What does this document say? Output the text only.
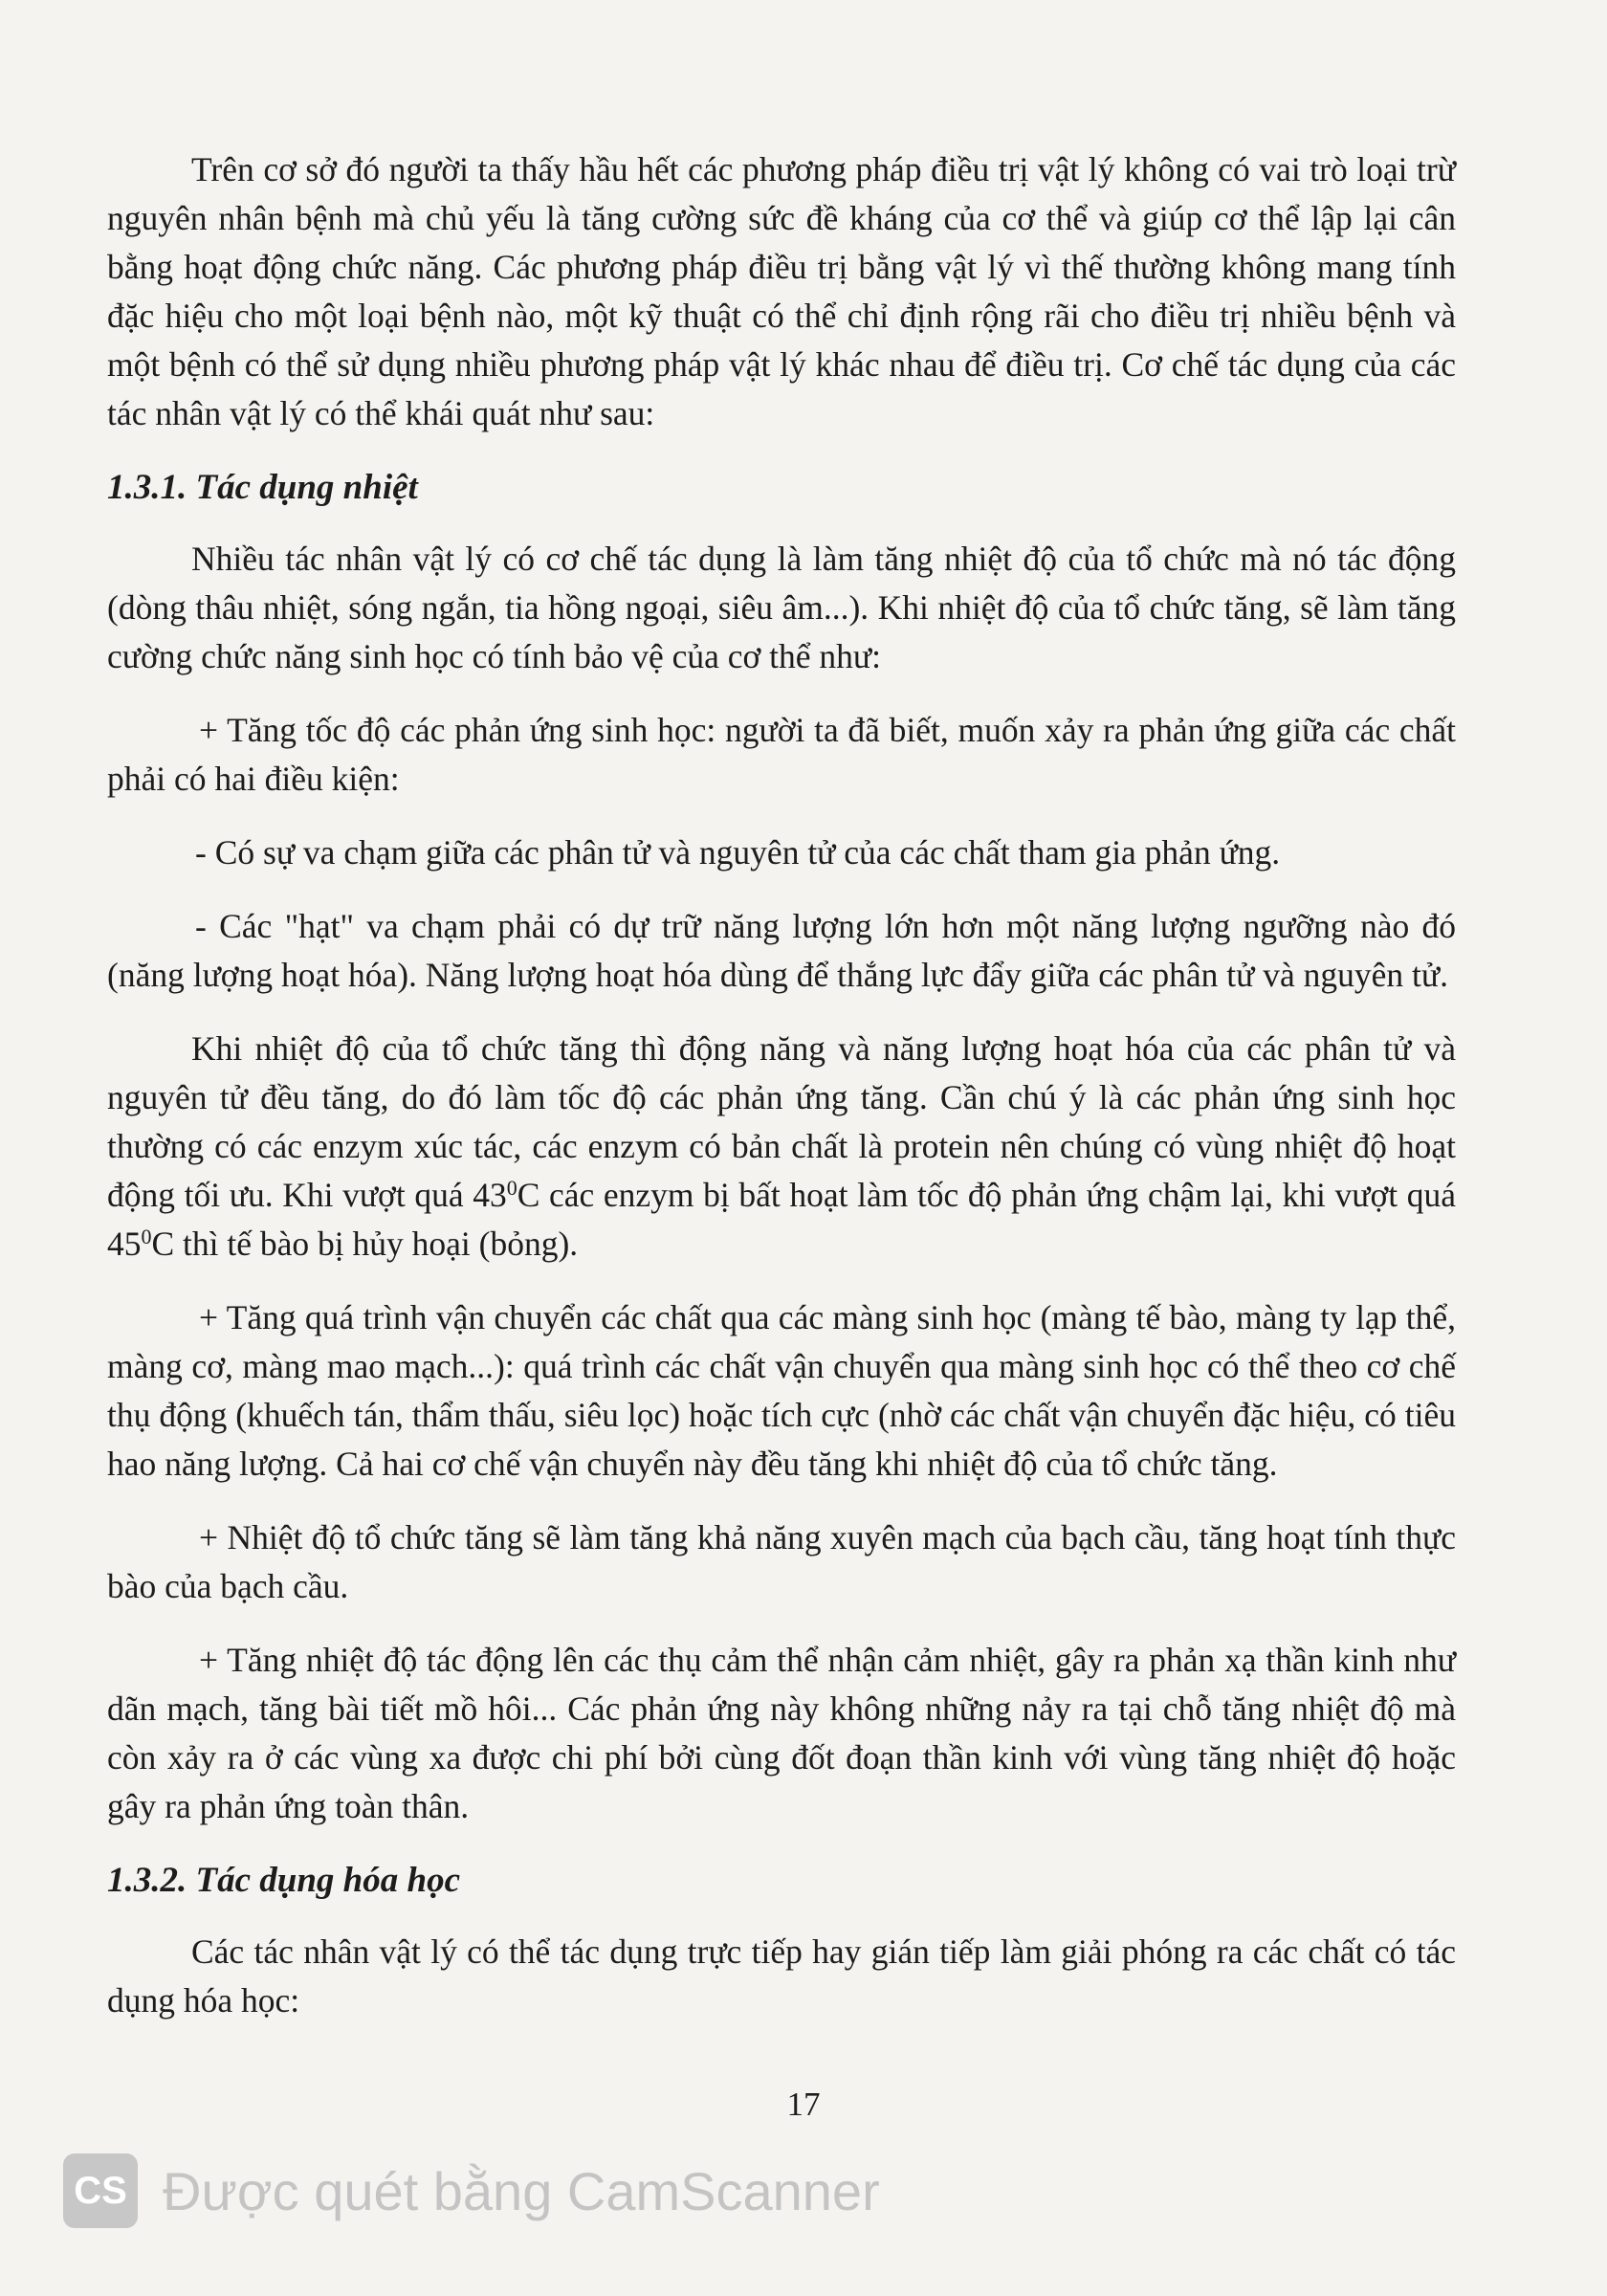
Trên cơ sở đó người ta thấy hầu hết các phương pháp điều trị vật lý không có vai trò loại trừ nguyên nhân bệnh mà chủ yếu là tăng cường sức đề kháng của cơ thể và giúp cơ thể lập lại cân bằng hoạt động chức năng. Các phương pháp điều trị bằng vật lý vì thế thường không mang tính đặc hiệu cho một loại bệnh nào, một kỹ thuật có thể chỉ định rộng rãi cho điều trị nhiều bệnh và một bệnh có thể sử dụng nhiều phương pháp vật lý khác nhau để điều trị. Cơ chế tác dụng của các tác nhân vật lý có thể khái quát như sau:

1.3.1. Tác dụng nhiệt

Nhiều tác nhân vật lý có cơ chế tác dụng là làm tăng nhiệt độ của tổ chức mà nó tác động (dòng thâu nhiệt, sóng ngắn, tia hồng ngoại, siêu âm...). Khi nhiệt độ của tổ chức tăng, sẽ làm tăng cường chức năng sinh học có tính bảo vệ của cơ thể như:

+ Tăng tốc độ các phản ứng sinh học: người ta đã biết, muốn xảy ra phản ứng giữa các chất phải có hai điều kiện:

- Có sự va chạm giữa các phân tử và nguyên tử của các chất tham gia phản ứng.

- Các "hạt" va chạm phải có dự trữ năng lượng lớn hơn một năng lượng ngưỡng nào đó (năng lượng hoạt hóa). Năng lượng hoạt hóa dùng để thắng lực đẩy giữa các phân tử và nguyên tử.

Khi nhiệt độ của tổ chức tăng thì động năng và năng lượng hoạt hóa của các phân tử và nguyên tử đều tăng, do đó làm tốc độ các phản ứng tăng. Cần chú ý là các phản ứng sinh học thường có các enzym xúc tác, các enzym có bản chất là protein nên chúng có vùng nhiệt độ hoạt động tối ưu. Khi vượt quá $43^0C$ các enzym bị bất hoạt làm tốc độ phản ứng chậm lại, khi vượt quá $45^0C$ thì tế bào bị hủy hoại (bỏng).

+ Tăng quá trình vận chuyển các chất qua các màng sinh học (màng tế bào, màng ty lạp thể, màng cơ, màng mao mạch...): quá trình các chất vận chuyển qua màng sinh học có thể theo cơ chế thụ động (khuếch tán, thẩm thấu, siêu lọc) hoặc tích cực (nhờ các chất vận chuyển đặc hiệu, có tiêu hao năng lượng. Cả hai cơ chế vận chuyển này đều tăng khi nhiệt độ của tổ chức tăng.

+ Nhiệt độ tổ chức tăng sẽ làm tăng khả năng xuyên mạch của bạch cầu, tăng hoạt tính thực bào của bạch cầu.

+ Tăng nhiệt độ tác động lên các thụ cảm thể nhận cảm nhiệt, gây ra phản xạ thần kinh như dãn mạch, tăng bài tiết mồ hôi... Các phản ứng này không những nảy ra tại chỗ tăng nhiệt độ mà còn xảy ra ở các vùng xa được chi phí bởi cùng đốt đoạn thần kinh với vùng tăng nhiệt độ hoặc gây ra phản ứng toàn thân.

1.3.2. Tác dụng hóa học

Các tác nhân vật lý có thể tác dụng trực tiếp hay gián tiếp làm giải phóng ra các chất có tác dụng hóa học:

17
CS Được quét bằng CamScanner
